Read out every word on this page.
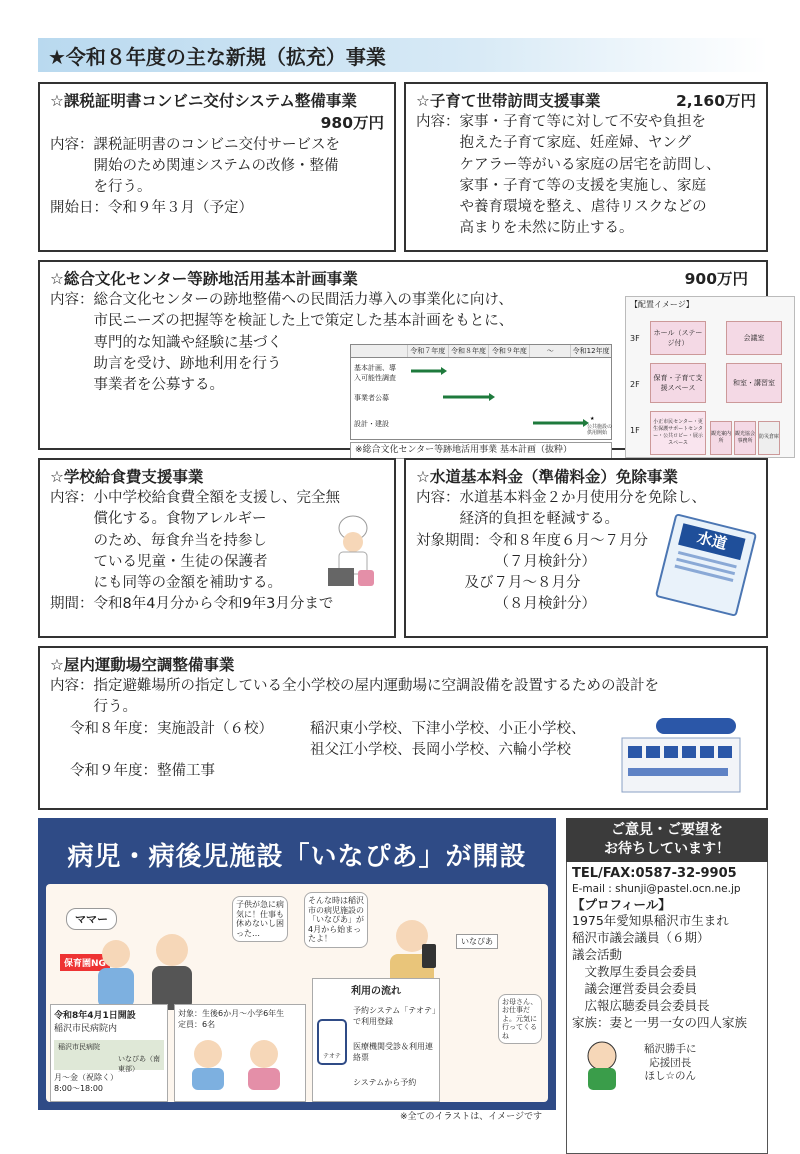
★令和８年度の主な新規（拡充）事業
☆課税証明書コンビニ交付システム整備事業
980万円
内容： 課税証明書のコンビニ交付サービスを
開始のため関連システムの改修・整備
を行う。
開始日： 令和９年３月（予定）
☆子育て世帯訪問支援事業	2,160万円
内容： 家事・子育て等に対して不安や負担を
抱えた子育て家庭、妊産婦、ヤング
ケアラー等がいる家庭の居宅を訪問し、
家事・子育て等の支援を実施し、家庭
や養育環境を整え、虐待リスクなどの
高まりを未然に防止する。
☆総合文化センター等跡地活用基本計画事業	900万円
内容： 総合文化センターの跡地整備への民間活力導入の事業化に向け、
市民ニーズの把握等を検証した上で策定した基本計画をもとに、
専門的な知識や経験に基づく
助言を受け、跡地利用を行う
事業者を公募する。
令和７年度 令和８年度 令和９年度	～	令和12年度
基本計画、導入可能性調査
事業者公募
設計・建設
★
公共施設の供用開始
※総合文化センター等跡地活用事業 基本計画（抜粋）
【配置イメージ】
3F
2F
1F
ホール（ステージ付）
会議室
保育・子育て支援スペース
和室・講習室
小正市民センター・更生保護サポートセンター・公共ロビー・展示スペース
観光案内所
観光協会事務所
防災倉庫
☆学校給食費支援事業
内容： 小中学校給食費全額を支援し、完全無
償化する。食物アレルギー
のため、毎食弁当を持参し
ている児童・生徒の保護者
にも同等の金額を補助する。
期間： 令和8年4月分から令和9年3月分まで
☆水道基本料金（準備料金）免除事業
内容： 水道基本料金２か月使用分を免除し、
経済的負担を軽減する。
対象期間： 令和８年度６月～７月分
（７月検針分）
及び７月～８月分
（８月検針分）
水道
☆屋内運動場空調整備事業
内容： 指定避難場所の指定している全小学校の屋内運動場に空調設備を設置するための設計を
行う。
令和８年度：実施設計（６校）	稲沢東小学校、下津小学校、小正小学校、
祖父江小学校、長岡小学校、六輪小学校
令和９年度：整備工事
病児・病後児施設「いなぴあ」が開設
ママー
保育園NG
子供が急に病気に！仕事も休めないし困った…
そんな時は稲沢市の病児施設の「いなぴあ」が4月から始まったよ！	いなぴあ
お母さん、お仕事だよ。元気に行ってくるね
令和8年4月1日開設
稲沢市民病院内
稲沢市民病院
いなぴあ（南東部）
月～金（祝除く）
8:00～18:00
対象：生後6か月～小学6年生
定員：6名
利用の流れ
テオテ
予約システム「テオテ」で利用登録
医療機関受診＆利用連絡票
システムから予約
ご意見・ご要望を
お待ちしています！
TEL/FAX:0587-32-9905
E-mail : shunji@pastel.ocn.ne.jp
【プロフィール】
1975年愛知県稲沢市生まれ
稲沢市議会議員（６期）
議会活動
　文教厚生委員会委員
　議会運営委員会委員
　広報広聴委員会委員長
家族：妻と一男一女の四人家族
稲沢勝手に
応援団長
ほし☆のん
※全てのイラストは、イメージです
